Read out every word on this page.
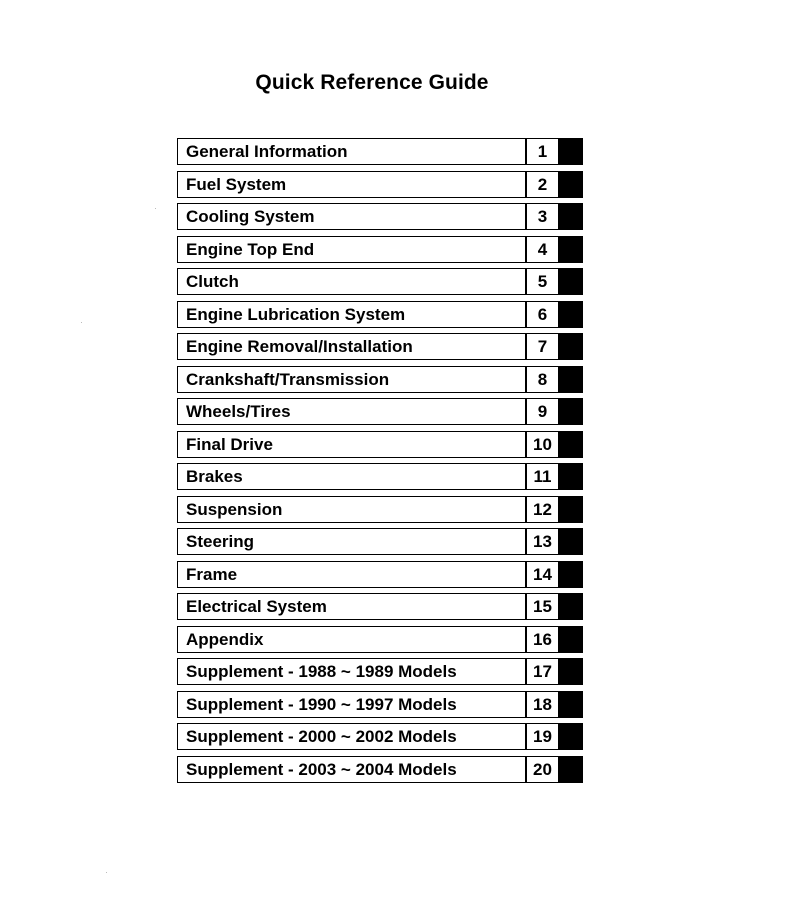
Quick Reference Guide
General Information	1
Fuel System	2
Cooling System	3
Engine Top End	4
Clutch	5
Engine Lubrication System	6
Engine Removal/Installation	7
Crankshaft/Transmission	8
Wheels/Tires	9
Final Drive	10
Brakes	11
Suspension	12
Steering	13
Frame	14
Electrical System	15
Appendix	16
Supplement - 1988 ~ 1989 Models	17
Supplement - 1990 ~ 1997 Models	18
Supplement - 2000 ~ 2002 Models	19
Supplement - 2003 ~ 2004 Models	20
